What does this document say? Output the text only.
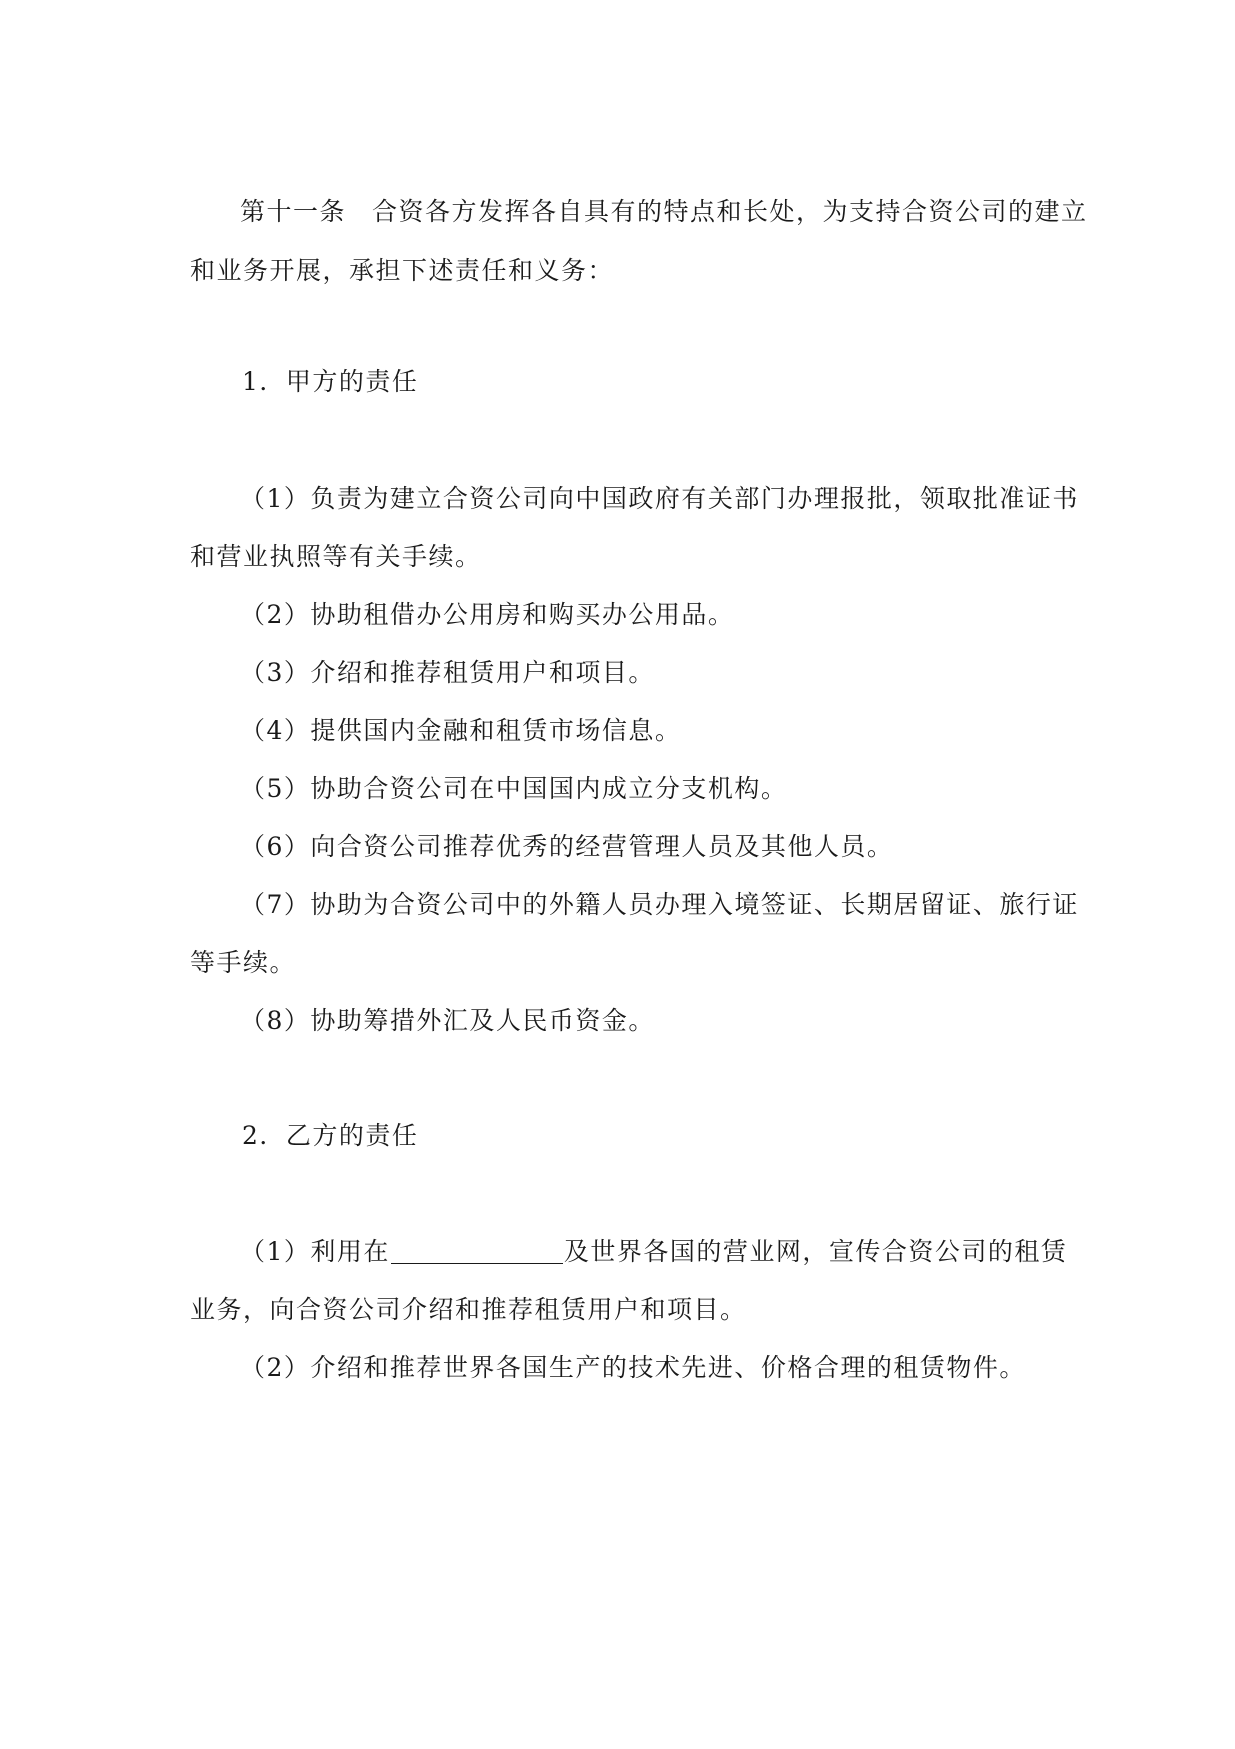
第十一条 合资各方发挥各自具有的特点和长处，为支持合资公司的建立
和业务开展，承担下述责任和义务：
1．甲方的责任
（1）负责为建立合资公司向中国政府有关部门办理报批，领取批准证书
和营业执照等有关手续。
（2）协助租借办公用房和购买办公用品。
（3）介绍和推荐租赁用户和项目。
（4）提供国内金融和租赁市场信息。
（5）协助合资公司在中国国内成立分支机构。
（6）向合资公司推荐优秀的经营管理人员及其他人员。
（7）协助为合资公司中的外籍人员办理入境签证、长期居留证、旅行证
等手续。
（8）协助筹措外汇及人民币资金。
2．乙方的责任
（1）利用在	及世界各国的营业网，宣传合资公司的租赁
业务，向合资公司介绍和推荐租赁用户和项目。
（2）介绍和推荐世界各国生产的技术先进、价格合理的租赁物件。
